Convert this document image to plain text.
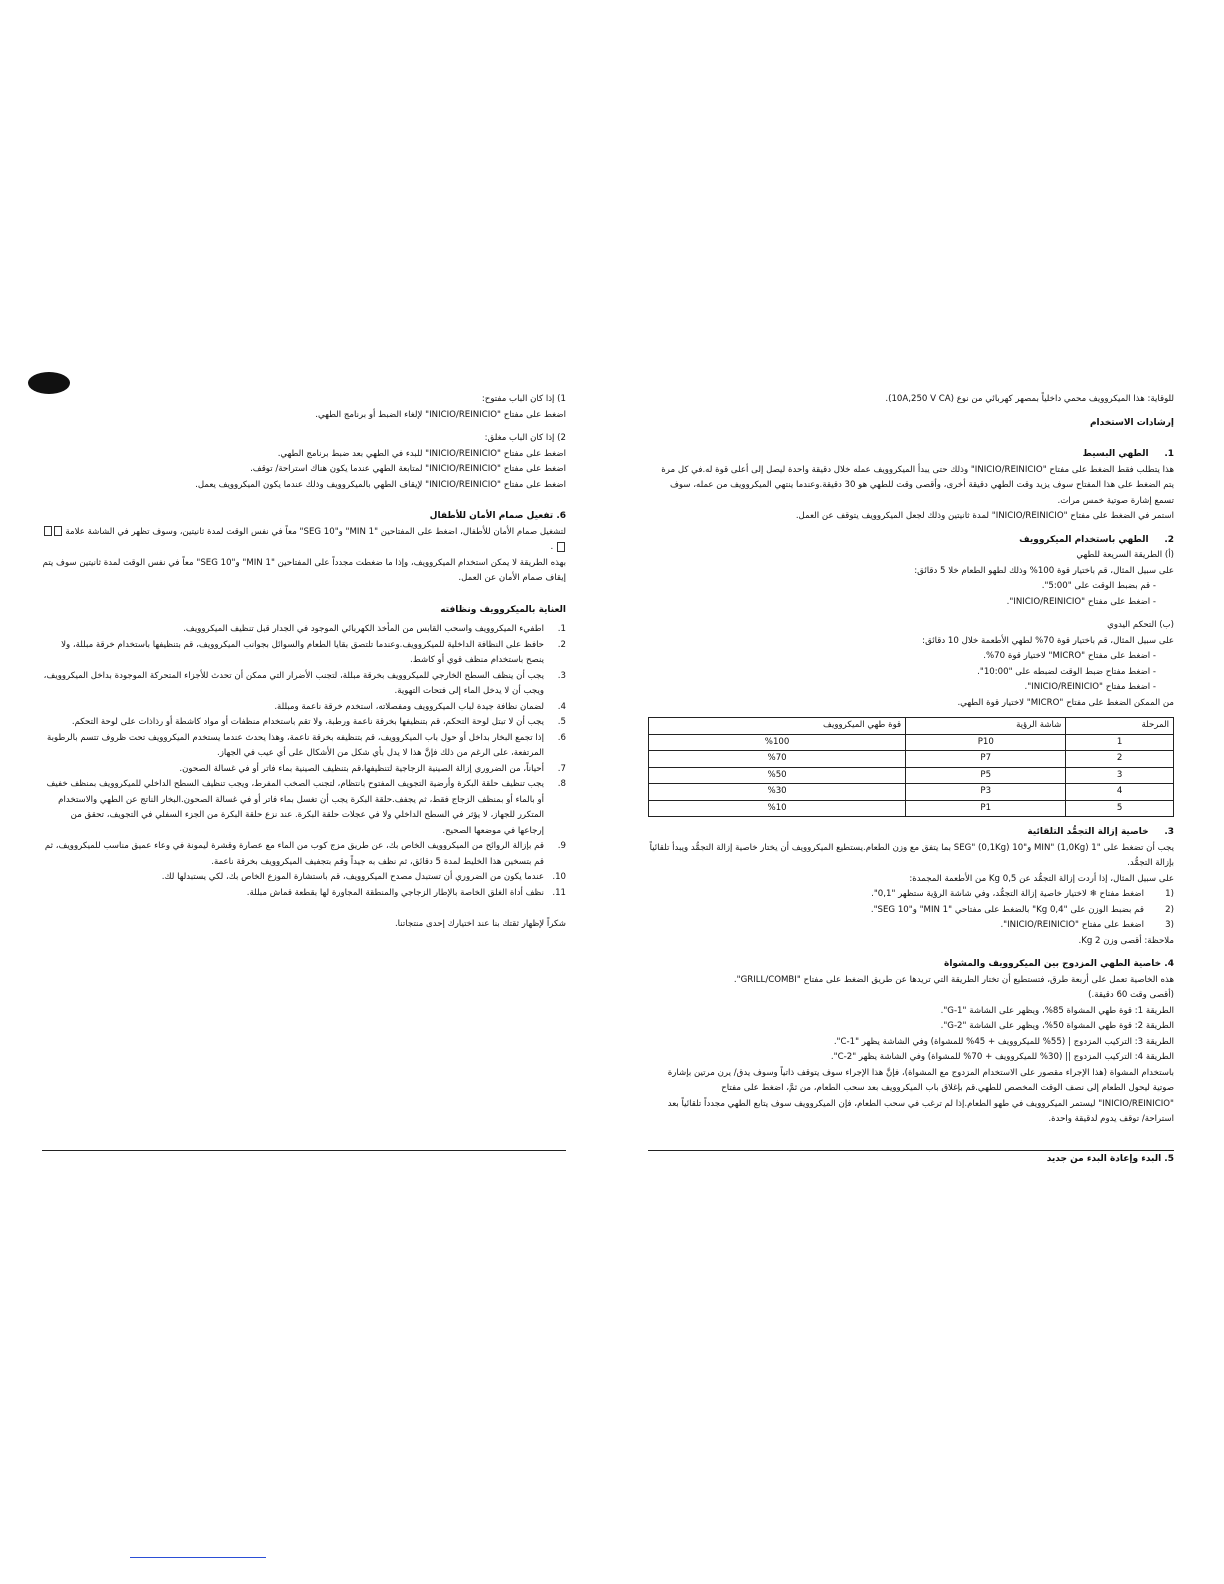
1) إذا كان الباب مفتوح:

اضغط على مفتاح "INICIO/REINICIO" لإلغاء الضبط أو برنامج الطهي.

2) إذا كان الباب مغلق:

اضغط على مفتاح "INICIO/REINICIO" للبدء في الطهي بعد ضبط برنامج الطهي.

اضغط على مفتاح "INICIO/REINICIO" لمتابعة الطهي عندما يكون هناك استراحة/ توقف.

اضغط على مفتاح "INICIO/REINICIO" لإيقاف الطهي بالميكروويف وذلك عندما يكون الميكروويف يعمل.

6. تفعيل صمام الأمان للأطفال

لتشغيل صمام الأمان للأطفال، اضغط على المفتاحين "1 MIN" و"10 SEG" معاً في نفس الوقت لمدة ثانيتين، وسوف تظهر في الشاشة علامة  .

بهذه الطريقة لا يمكن استخدام الميكروويف، وإذا ما ضغطت مجدداً على المفتاحين "1 MIN" و"10 SEG" معاً في نفس الوقت لمدة ثانيتين سوف يتم إيقاف صمام الأمان عن العمل.

العناية بالميكروويف ونظافته

1.
اطفيء الميكروويف واسحب القابس من المأخذ الكهربائي الموجود في الجدار قبل تنظيف الميكروويف.
2.
حافظ على النظافة الداخلية للميكروويف.وعندما تلتصق بقايا الطعام والسوائل بجوانب الميكروويف، قم بتنظيفها باستخدام خرقة مبللة، ولا ينصح باستخدام منظف قوي أو كاشط.
3.
يجب أن ينظف السطح الخارجي للميكروويف بخرقة مبللة، لتجنب الأضرار التي ممكن أن تحدث للأجزاء المتحركة الموجودة بداخل الميكروويف، ويجب أن لا يدخل الماء إلى فتحات التهوية.
4.
لضمان نظافة جيدة لباب الميكروويف ومفصلاته، استخدم خرقة ناعمة ومبللة.
5.
يجب أن لا تبتل لوحة التحكم، قم بتنظيفها بخرقة ناعمة ورطبة، ولا تقم باستخدام منظفات أو مواد كاشطة أو رذاذات على لوحة التحكم.
6.
إذا تجمع البخار بداخل أو حول باب الميكروويف، قم بتنظيفه بخرقة ناعمة، وهذا يحدث عندما يستخدم الميكروويف تحت ظروف تتسم بالرطوبة المرتفعة، على الرغم من ذلك فإنَّ هذا لا يدل بأي شكل من الأشكال على أي عيب في الجهاز.
7.
أحياناً، من الضروري إزالة الصينية الزجاجية لتنظيفها،قم بتنظيف الصينية بماء فاتر أو في غسالة الصحون.
8.
يجب تنظيف حلقة البكرة وأرضية التجويف المفتوح بانتظام، لتجنب الصخب المفرط، ويجب تنظيف السطح الداخلي للميكروويف بمنظف خفيف أو بالماء أو بمنظف الزجاج فقط، ثم يجفف.حلقة البكرة يجب أن تغسل بماء فاتر أو في غسالة الصحون.البخار الناتج عن الطهي والاستخدام المتكرر للجهاز، لا يؤثر في السطح الداخلي ولا في عجلات حلقة البكرة. عند نزع حلقة البكرة من الجزء السفلي في التجويف، تحقق من إرجاعها في موضعها الصحيح.
9.
قم بإزالة الروائح من الميكروويف الخاص بك، عن طريق مزج كوب من الماء مع عصارة وقشرة ليمونة في وعاء عميق مناسب للميكروويف، ثم قم بتسخين هذا الخليط لمدة 5 دقائق، ثم نظف به جيداً وقم بتجفيف الميكروويف بخرقة ناعمة.
10.
عندما يكون من الضروري أن تستبدل مصدح الميكروويف، قم باستشارة الموزع الخاص بك، لكي يستبدلها لك.
11.
نظف أداة الغلق الخاصة بالإطار الزجاجي والمنطقة المجاورة لها بقطعة قماش مبللة.

شكراً لإظهار ثقتك بنا عند اختيارك إحدى منتجاتنا.

للوقاية: هذا الميكروويف محمي داخلياً بمصهر كهربائي من نوع (10A,250 V CA).

إرشادات الاستخدام

1.     الطهي البسيط

هذا يتطلب فقط الضغط على مفتاح "INICIO/REINICIO" وذلك حتى يبدأ الميكروويف عمله خلال دقيقة واحدة ليصل إلى أعلى قوة له.في كل مرة يتم الضغط على هذا المفتاح سوف يزيد وقت الطهي دقيقة أخرى، وأقصى وقت للطهي هو 30 دقيقة.وعندما ينتهي الميكروويف من عمله، سوف تسمع إشارة صوتية خمس مرات.

استمر في الضغط على مفتاح "INICIO/REINICIO" لمدة ثانيتين وذلك لجعل الميكروويف يتوقف عن العمل.

2.     الطهي باستخدام الميكروويف

(أ) الطريقة السريعة للطهي

على سبيل المثال، قم باختيار قوة 100% وذلك لطهو الطعام خلا 5 دقائق:

- قم بضبط الوقت على "5:00".

- اضغط على مفتاح "INICIO/REINICIO".

(ب) التحكم اليدوي

على سبيل المثال، قم باختيار قوة 70% لطهي الأطعمة خلال 10 دقائق:

- اضغط على مفتاح "MICRO" لاختيار قوة 70%.

- اضغط مفتاح ضبط الوقت لضبطه على "10:00".

- اضغط مفتاح "INICIO/REINICIO".

من الممكن الضغط على مفتاح "MICRO" لاختيار قوة الطهي.

المرحلة	شاشة الرؤية	قوة طهي الميكروويف
1	P10	%100
2	P7	%70
3	P5	%50
4	P3	%30
5	P1	%10

3.     خاصية إزالة التجمُّد التلقائية

يجب أن تضغط على "1 MIN" (1,0Kg) و"10 SEG" (0,1Kg) بما يتفق مع وزن الطعام.يستطيع الميكروويف أن يختار خاصية إزالة التجمُّد ويبدأ تلقائياً بإزالة التجمُّد.

على سبيل المثال، إذا أردت إزالة التجمُّد عن 0,5 Kg من الأطعمة المجمدة:

(1
اضغط مفتاح ❄ لاختيار خاصية إزالة التجمُّد، وفي شاشة الرؤية ستظهر "0,1".
(2
قم بضبط الوزن على "0,4 Kg" بالضغط على مفتاحي "1 MIN" و"10 SEG".
(3
اضغط على مفتاح "INICIO/REINICIO".

ملاحظة: أقصى وزن 2 Kg.

4. خاصية الطهي المزدوج بين الميكروويف والمشواة

هذه الخاصية تعمل على أربعة طرق، فتستطيع أن تختار الطريقة التي تريدها عن طريق الضغط على مفتاح "GRILL/COMBI".

(أقصى وقت 60 دقيقة.)

الطريقة 1: قوة طهي المشواة 85%، ويظهر على الشاشة "G-1".

الطريقة 2: قوة طهي المشواة 50%، ويظهر على الشاشة "G-2".

الطريقة 3: التركيب المزدوج | (55% للميكروويف + 45% للمشواة) وفي الشاشة يظهر "C-1".

الطريقة 4: التركيب المزدوج || (30% للميكروويف + 70% للمشواة) وفي الشاشة يظهر "C-2".

باستخدام المشواة (هذا الإجراء مقصور على الاستخدام المزدوج مع المشواة)، فإنَّ هذا الإجراء سوف يتوقف ذاتياً وسوف يدق/ يرن مرتين بإشارة صوتية ليحول الطعام إلى نصف الوقت المخصص للطهي.قم بإغلاق باب الميكروويف بعد سحب الطعام، من ثمَّ، اضغط على مفتاح "INICIO/REINICIO" ليستمر الميكروويف في طهو الطعام.إذا لم ترغب في سحب الطعام، فإن الميكروويف سوف يتابع الطهي مجدداً تلقائياً بعد استراحة/ توقف يدوم لدقيقة واحدة.

5. البدء وإعادة البدء من جديد
